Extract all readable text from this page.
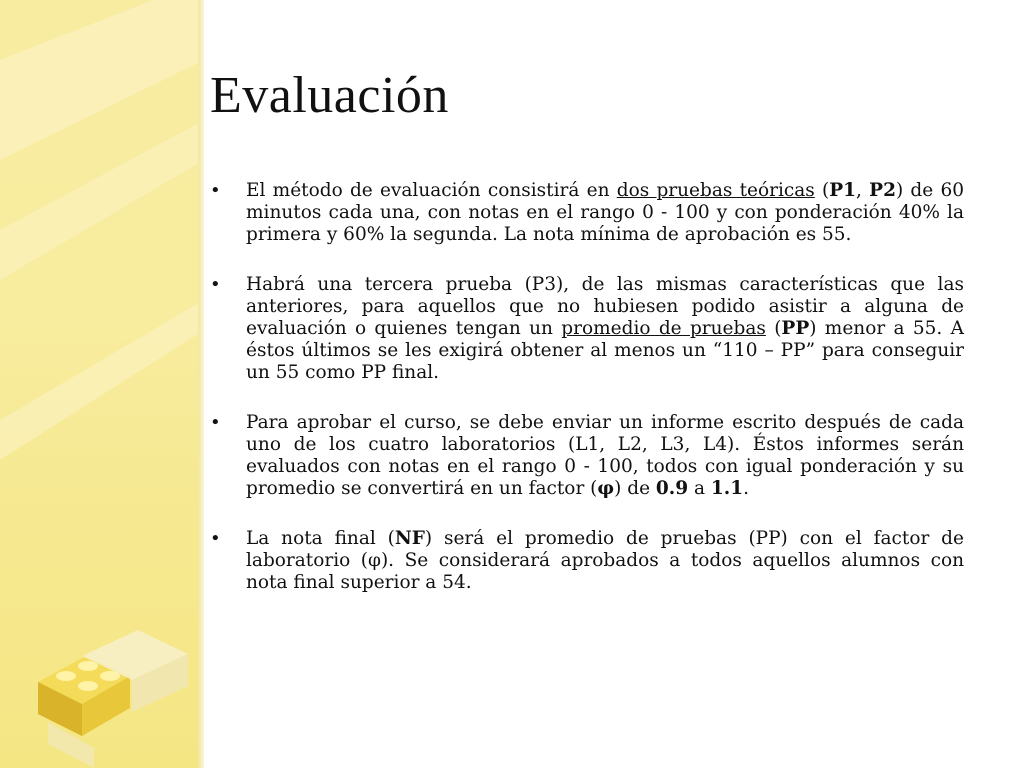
Evaluación
• El método de evaluación consistirá en dos pruebas teóricas (P1, P2) de 60 minutos cada una, con notas en el rango 0 - 100 y con ponderación 40% la primera y 60% la segunda. La nota mínima de aprobación es 55.
• Habrá una tercera prueba (P3), de las mismas características que las anteriores, para aquellos que no hubiesen podido asistir a alguna de evaluación o quienes tengan un promedio de pruebas (PP) menor a 55. A éstos últimos se les exigirá obtener al menos un “110 – PP” para conseguir un 55 como PP final.
• Para aprobar el curso, se debe enviar un informe escrito después de cada uno de los cuatro laboratorios (L1, L2, L3, L4). Éstos informes serán evaluados con notas en el rango 0 - 100, todos con igual ponderación y su promedio se convertirá en un factor (φ) de 0.9 a 1.1.
• La nota final (NF) será el promedio de pruebas (PP) con el factor de laboratorio (φ). Se considerará aprobados a todos aquellos alumnos con nota final superior a 54.
